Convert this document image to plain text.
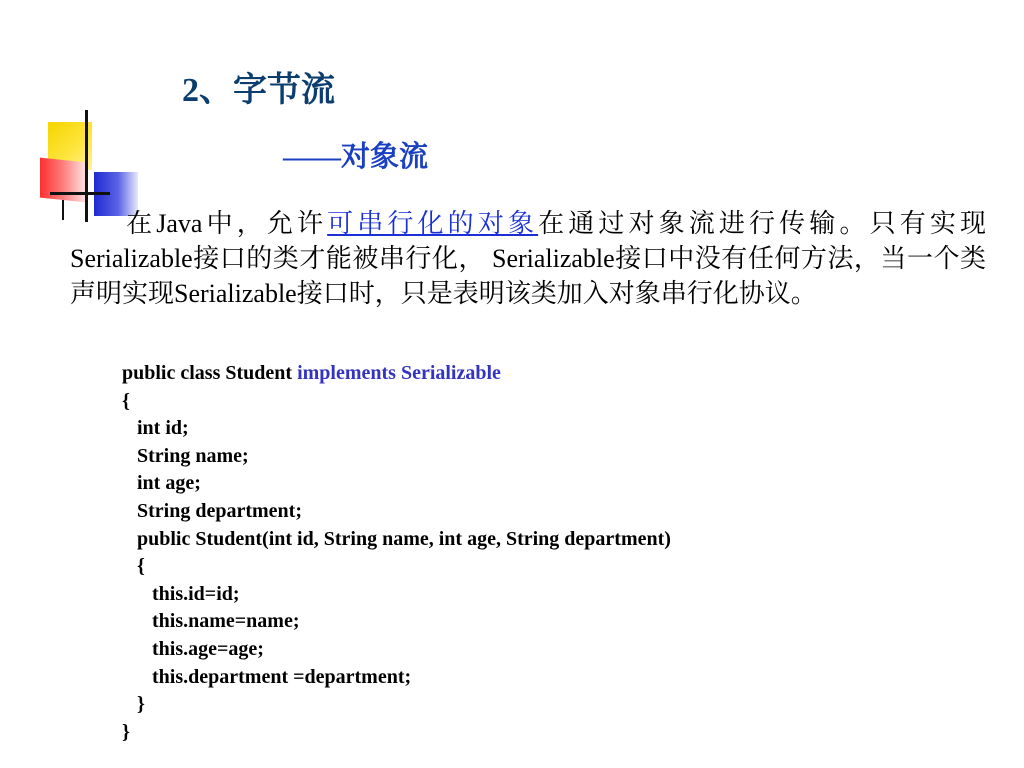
2、字节流
——对象流

在Java中，允许可串行化的对象在通过对象流进行传输。只有实现Serializable接口的类才能被串行化， Serializable接口中没有任何方法，当一个类声明实现Serializable接口时，只是表明该类加入对象串行化协议。

public class Student implements Serializable
{
int id;
String name;
int age;
String department;
public Student(int id, String name, int age, String department)
{
this.id=id;
this.name=name;
this.age=age;
this.department =department;
}
}
